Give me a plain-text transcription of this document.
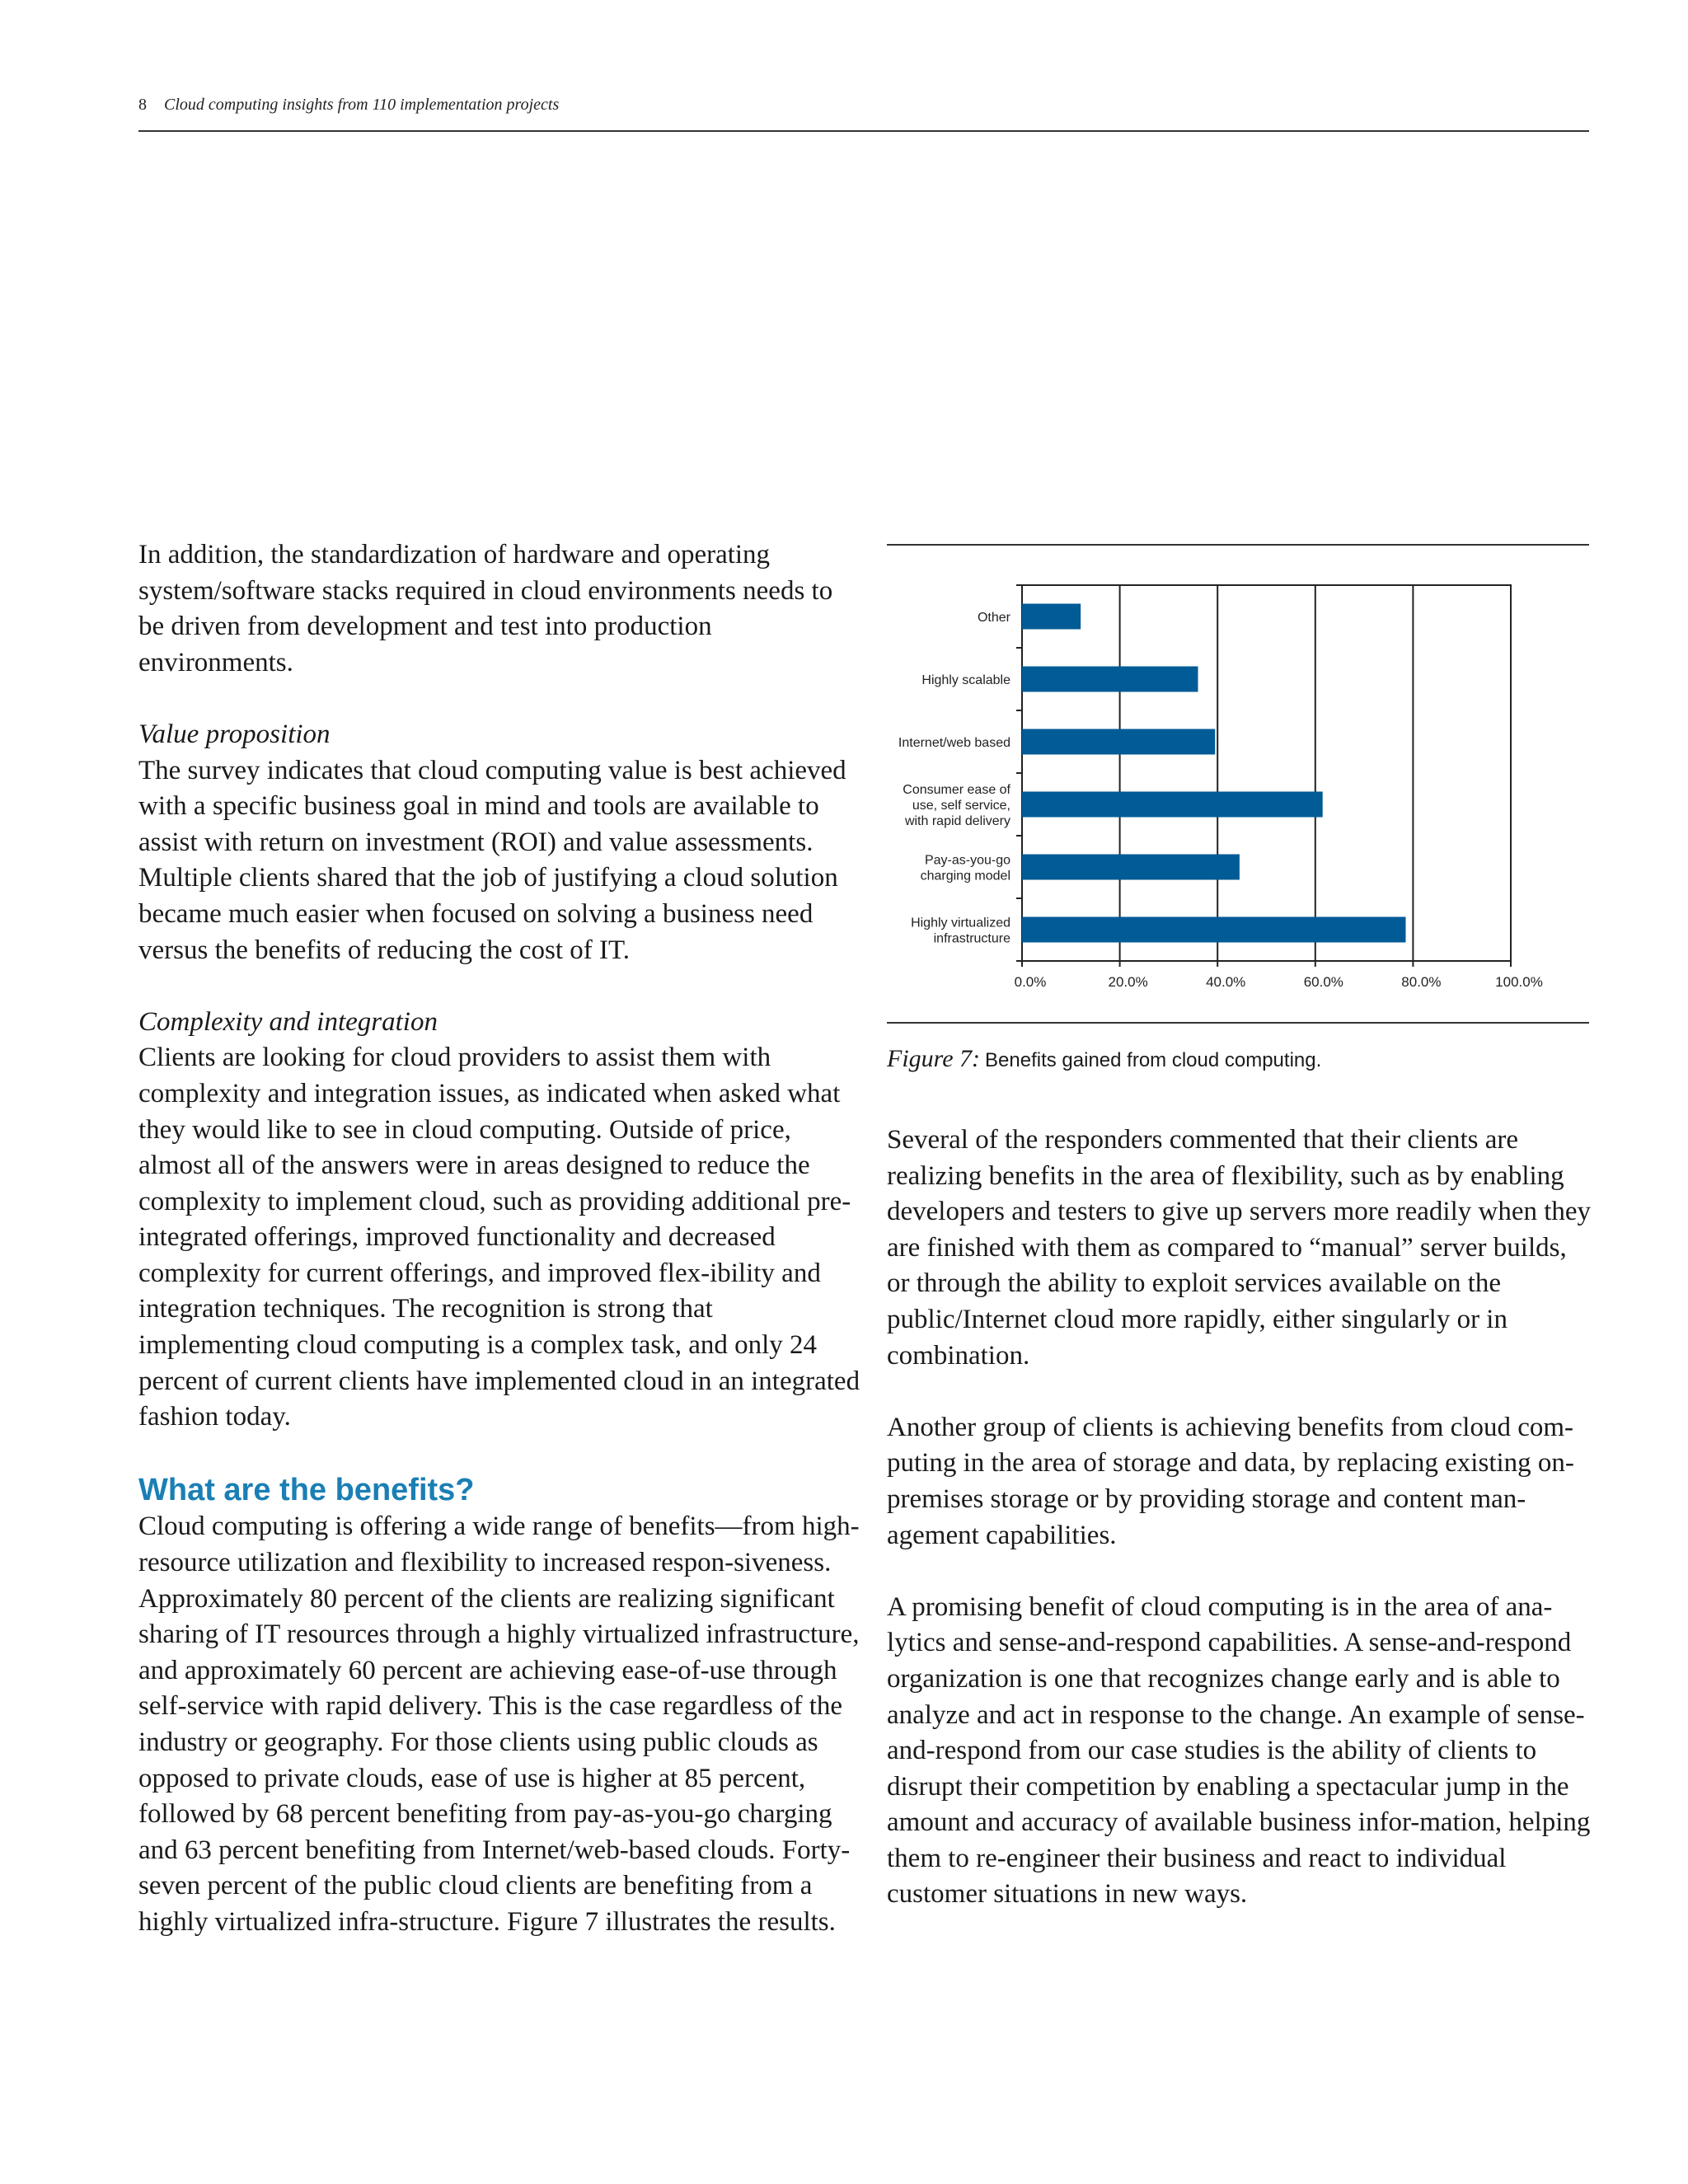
8 Cloud computing insights from 110 implementation projects

In addition, the standardization of hardware and operating system/software stacks required in cloud environments needs to be driven from development and test into production environments.

Value proposition
The survey indicates that cloud computing value is best achieved with a specific business goal in mind and tools are available to assist with return on investment (ROI) and value assessments. Multiple clients shared that the job of justifying a cloud solution became much easier when focused on solving a business need versus the benefits of reducing the cost of IT.

Complexity and integration
Clients are looking for cloud providers to assist them with complexity and integration issues, as indicated when asked what they would like to see in cloud computing. Outside of price, almost all of the answers were in areas designed to reduce the complexity to implement cloud, such as providing additional pre-integrated offerings, improved functionality and decreased complexity for current offerings, and improved flex-ibility and integration techniques. The recognition is strong that implementing cloud computing is a complex task, and only 24 percent of current clients have implemented cloud in an integrated fashion today.

What are the benefits?

Cloud computing is offering a wide range of benefits—from high-resource utilization and flexibility to increased respon-siveness. Approximately 80 percent of the clients are realizing significant sharing of IT resources through a highly virtualized infrastructure, and approximately 60 percent are achieving ease-of-use through self-service with rapid delivery. This is the case regardless of the industry or geography. For those clients using public clouds as opposed to private clouds, ease of use is higher at 85 percent, followed by 68 percent benefiting from pay-as-you-go charging and 63 percent benefiting from Internet/web-based clouds. Forty-seven percent of the public cloud clients are benefiting from a highly virtualized infra-structure. Figure 7 illustrates the results.

0.0%	20.0%	40.0%	60.0%	80.0%	100.0%
Other
Highly scalable
Internet/web based
Consumer ease of use, self service, with rapid delivery
Pay-as-you-go charging model
Highly virtualized infrastructure
Figure 7: Benefits gained from cloud computing.

Several of the responders commented that their clients are realizing benefits in the area of flexibility, such as by enabling developers and testers to give up servers more readily when they are finished with them as compared to “manual” server builds, or through the ability to exploit services available on the public/Internet cloud more rapidly, either singularly or in combination.

Another group of clients is achieving benefits from cloud com-puting in the area of storage and data, by replacing existing on-premises storage or by providing storage and content man-agement capabilities.

A promising benefit of cloud computing is in the area of ana-lytics and sense-and-respond capabilities. A sense-and-respond organization is one that recognizes change early and is able to analyze and act in response to the change. An example of sense-and-respond from our case studies is the ability of clients to disrupt their competition by enabling a spectacular jump in the amount and accuracy of available business infor-mation, helping them to re-engineer their business and react to individual customer situations in new ways.
